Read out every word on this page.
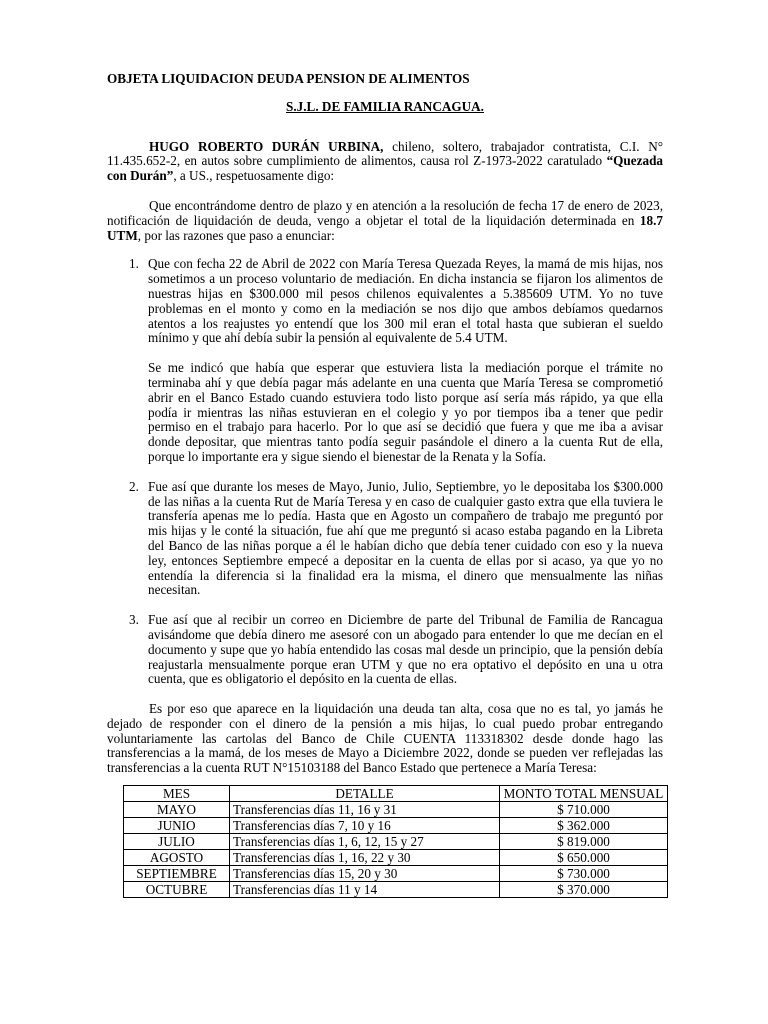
OBJETA LIQUIDACION DEUDA PENSION DE ALIMENTOS

S.J.L. DE FAMILIA RANCAGUA.

HUGO ROBERTO DURÁN URBINA, chileno, soltero, trabajador contratista, C.I. N° 11.435.652-2, en autos sobre cumplimiento de alimentos, causa rol Z-1973-2022 caratulado “Quezada con Durán”, a US., respetuosamente digo:

Que encontrándome dentro de plazo y en atención a la resolución de fecha 17 de enero de 2023, notificación de liquidación de deuda, vengo a objetar el total de la liquidación determinada en 18.7 UTM, por las razones que paso a enunciar:

1. Que con fecha 22 de Abril de 2022 con María Teresa Quezada Reyes, la mamá de mis hijas, nos sometimos a un proceso voluntario de mediación. En dicha instancia se fijaron los alimentos de nuestras hijas en $300.000 mil pesos chilenos equivalentes a 5.385609 UTM. Yo no tuve problemas en el monto y como en la mediación se nos dijo que ambos debíamos quedarnos atentos a los reajustes yo entendí que los 300 mil eran el total hasta que subieran el sueldo mínimo y que ahí debía subir la pensión al equivalente de 5.4 UTM.
Se me indicó que había que esperar que estuviera lista la mediación porque el trámite no terminaba ahí y que debía pagar más adelante en una cuenta que María Teresa se comprometió abrir en el Banco Estado cuando estuviera todo listo porque así sería más rápido, ya que ella podía ir mientras las niñas estuvieran en el colegio y yo por tiempos iba a tener que pedir permiso en el trabajo para hacerlo. Por lo que así se decidió que fuera y que me iba a avisar donde depositar, que mientras tanto podía seguir pasándole el dinero a la cuenta Rut de ella, porque lo importante era y sigue siendo el bienestar de la Renata y la Sofía.
2. Fue así que durante los meses de Mayo, Junio, Julio, Septiembre, yo le depositaba los $300.000 de las niñas a la cuenta Rut de María Teresa y en caso de cualquier gasto extra que ella tuviera le transfería apenas me lo pedía. Hasta que en Agosto un compañero de trabajo me preguntó por mis hijas y le conté la situación, fue ahí que me preguntó si acaso estaba pagando en la Libreta del Banco de las niñas porque a él le habían dicho que debía tener cuidado con eso y la nueva ley, entonces Septiembre empecé a depositar en la cuenta de ellas por si acaso, ya que yo no entendía la diferencia si la finalidad era la misma, el dinero que mensualmente las niñas necesitan.
3. Fue así que al recibir un correo en Diciembre de parte del Tribunal de Familia de Rancagua avisándome que debía dinero me asesoré con un abogado para entender lo que me decían en el documento y supe que yo había entendido las cosas mal desde un principio, que la pensión debía reajustarla mensualmente porque eran UTM y que no era optativo el depósito en una u otra cuenta, que es obligatorio el depósito en la cuenta de ellas.

Es por eso que aparece en la liquidación una deuda tan alta, cosa que no es tal, yo jamás he dejado de responder con el dinero de la pensión a mis hijas, lo cual puedo probar entregando voluntariamente las cartolas del Banco de Chile CUENTA 113318302 desde donde hago las transferencias a la mamá, de los meses de Mayo a Diciembre 2022, donde se pueden ver reflejadas las transferencias a la cuenta RUT N°15103188 del Banco Estado que pertenece a María Teresa:

MES	DETALLE	MONTO TOTAL MENSUAL
MAYO	Transferencias días 11, 16 y 31	$ 710.000
JUNIO	Transferencias días 7, 10 y 16	$ 362.000
JULIO	Transferencias días 1, 6, 12, 15 y 27	$ 819.000
AGOSTO	Transferencias días 1, 16, 22 y 30	$ 650.000
SEPTIEMBRE	Transferencias días 15, 20 y 30	$ 730.000
OCTUBRE	Transferencias días 11 y 14	$ 370.000
